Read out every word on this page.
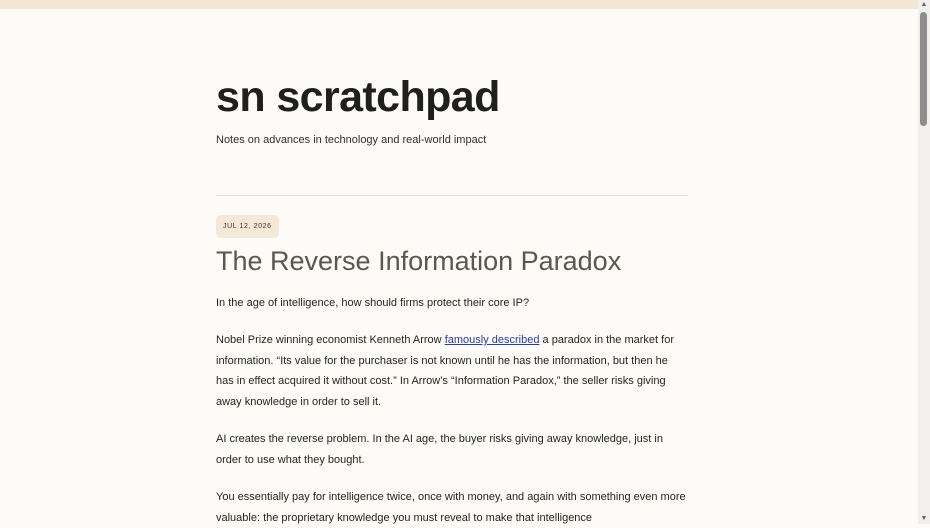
sn scratchpad
Notes on advances in technology and real-world impact
JUL 12, 2026
The Reverse Information Paradox

In the age of intelligence, how should firms protect their core IP?

Nobel Prize winning economist Kenneth Arrow famously described a paradox in the market for information. “Its value for the purchaser is not known until he has the information, but then he has in effect acquired it without cost.” In Arrow’s “Information Paradox,” the seller risks giving away knowledge in order to sell it.

AI creates the reverse problem. In the AI age, the buyer risks giving away knowledge, just in order to use what they bought.

You essentially pay for intelligence twice, once with money, and again with something even more valuable: the proprietary knowledge you must reveal to make that intelligence

▲
▼
